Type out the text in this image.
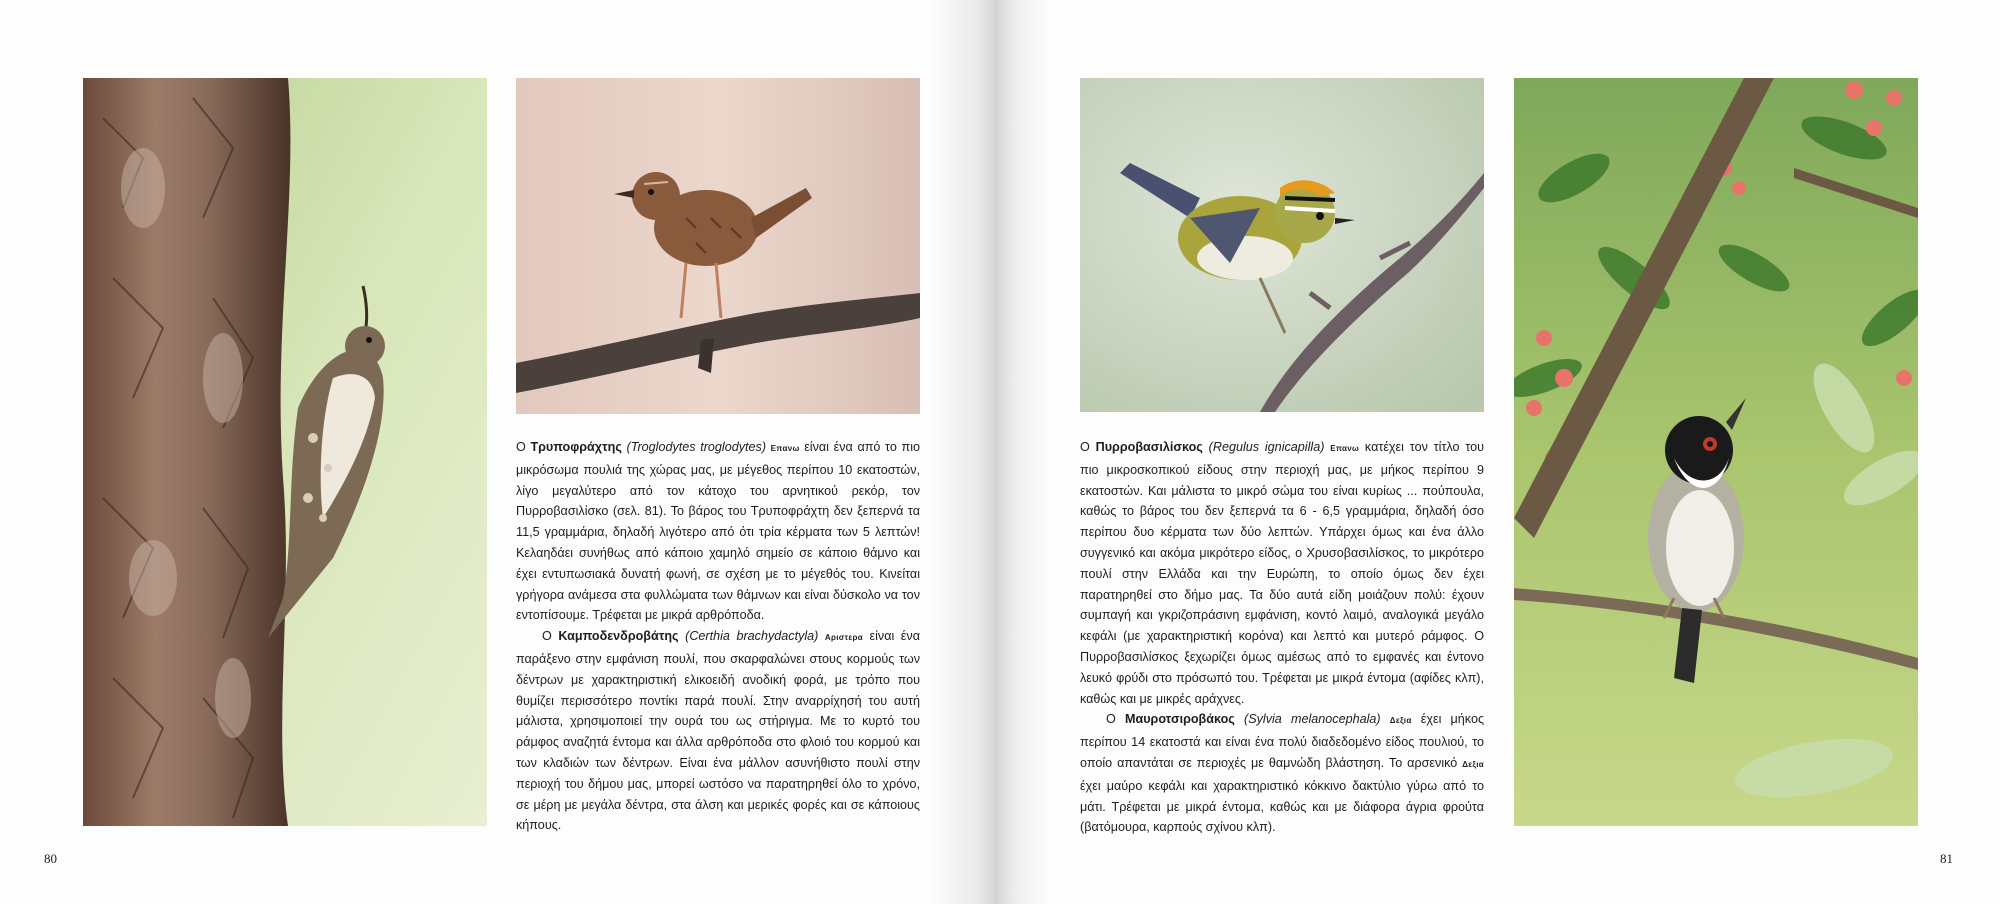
Ο Τρυποφράχτης (Troglodytes troglodytes) Επανω είναι ένα από το πιο μικρόσωμα πουλιά της χώρας μας, με μέγεθος περίπου 10 εκατοστών, λίγο μεγαλύτερο από τον κάτοχο του αρνητικού ρεκόρ, τον Πυρροβασιλίσκο (σελ. 81). Το βάρος του Τρυποφράχτη δεν ξεπερνά τα 11,5 γραμμάρια, δηλαδή λιγότερο από ότι τρία κέρματα των 5 λεπτών! Κελαηδάει συνήθως από κάποιο χαμηλό σημείο σε κάποιο θάμνο και έχει εντυπωσιακά δυνατή φωνή, σε σχέση με το μέγεθός του. Κινείται γρήγορα ανάμεσα στα φυλλώματα των θάμνων και είναι δύσκολο να τον εντοπίσουμε. Τρέφεται με μικρά αρθρόποδα.

Ο Καμποδενδροβάτης (Certhia brachydactyla) Αριστερα είναι ένα παράξενο στην εμφάνιση πουλί, που σκαρφαλώνει στους κορμούς των δέντρων με χαρακτηριστική ελικοειδή ανοδική φορά, με τρόπο που θυμίζει περισσότερο ποντίκι παρά πουλί. Στην αναρρίχησή του αυτή μάλιστα, χρησιμοποιεί την ουρά του ως στήριγμα. Με το κυρτό του ράμφος αναζητά έντομα και άλλα αρθρόποδα στο φλοιό του κορμού και των κλαδιών των δέντρων. Είναι ένα μάλλον ασυνήθιστο πουλί στην περιοχή του δήμου μας, μπορεί ωστόσο να παρατηρηθεί όλο το χρόνο, σε μέρη με μεγάλα δέντρα, στα άλση και μερικές φορές και σε κάποιους κήπους.

80

Ο Πυρροβασιλίσκος (Regulus ignicapilla) Επανω κατέχει τον τίτλο του πιο μικροσκοπικού είδους στην περιοχή μας, με μήκος περίπου 9 εκατοστών. Και μάλιστα το μικρό σώμα του είναι κυρίως ... πούπουλα, καθώς το βάρος του δεν ξεπερνά τα 6 - 6,5 γραμμάρια, δηλαδή όσο περίπου δυο κέρματα των δύο λεπτών. Υπάρχει όμως και ένα άλλο συγγενικό και ακόμα μικρότερο είδος, ο Χρυσοβασιλίσκος, το μικρότερο πουλί στην Ελλάδα και την Ευρώπη, το οποίο όμως δεν έχει παρατηρηθεί στο δήμο μας. Τα δύο αυτά είδη μοιάζουν πολύ: έχουν συμπαγή και γκριζοπράσινη εμφάνιση, κοντό λαιμό, αναλογικά μεγάλο κεφάλι (με χαρακτηριστική κορόνα) και λεπτό και μυτερό ράμφος. Ο Πυρροβασιλίσκος ξεχωρίζει όμως αμέσως από το εμφανές και έντονο λευκό φρύδι στο πρόσωπό του. Τρέφεται με μικρά έντομα (αφίδες κλπ), καθώς και με μικρές αράχνες.

Ο Μαυροτσιροβάκος (Sylvia melanocephala) Δεξια έχει μήκος περίπου 14 εκατοστά και είναι ένα πολύ διαδεδομένο είδος πουλιού, το οποίο απαντάται σε περιοχές με θαμνώδη βλάστηση. Το αρσενικό Δεξια έχει μαύρο κεφάλι και χαρακτηριστικό κόκκινο δακτύλιο γύρω από το μάτι. Τρέφεται με μικρά έντομα, καθώς και με διάφορα άγρια φρούτα (βατόμουρα, καρπούς σχίνου κλπ).

81
